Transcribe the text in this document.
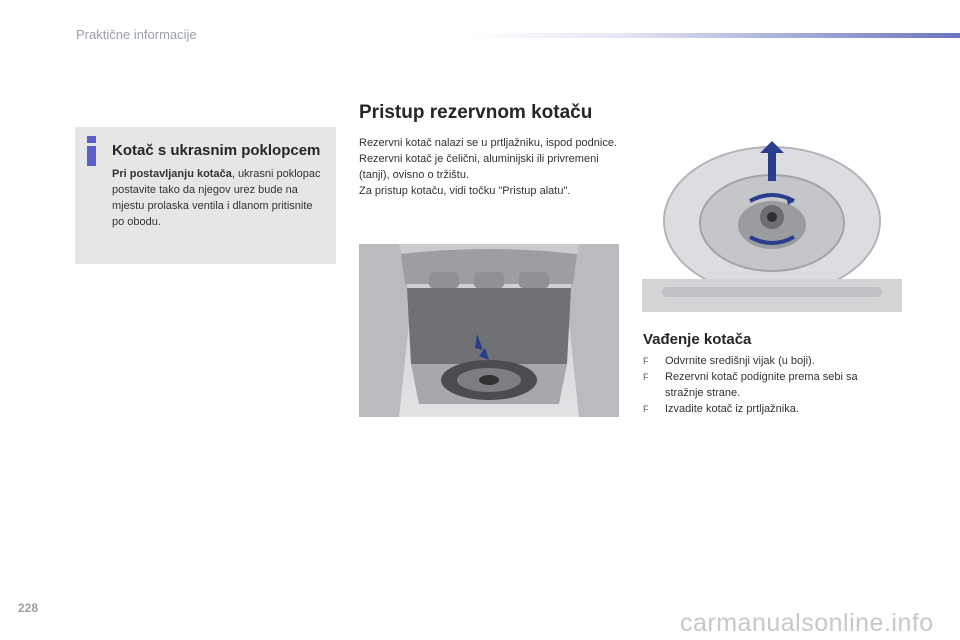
Praktične informacije
Kotač s ukrasnim poklopcem
Pri postavljanju kotača, ukrasni poklopac postavite tako da njegov urez bude na mjestu prolaska ventila i dlanom pritisnite po obodu.
Pristup rezervnom kotaču

Rezervni kotač nalazi se u prtljažniku, ispod podnice.

Rezervni kotač je čelični, aluminijski ili privremeni (tanji), ovisno o tržištu.

Za pristup kotaču, vidi točku "Pristup alatu".

Vađenje kotača
F Odvrnite središnji vijak (u boji).
F Rezervni kotač podignite prema sebi sa stražnje strane.
F Izvadite kotač iz prtljažnika.
228
carmanualsonline.info
